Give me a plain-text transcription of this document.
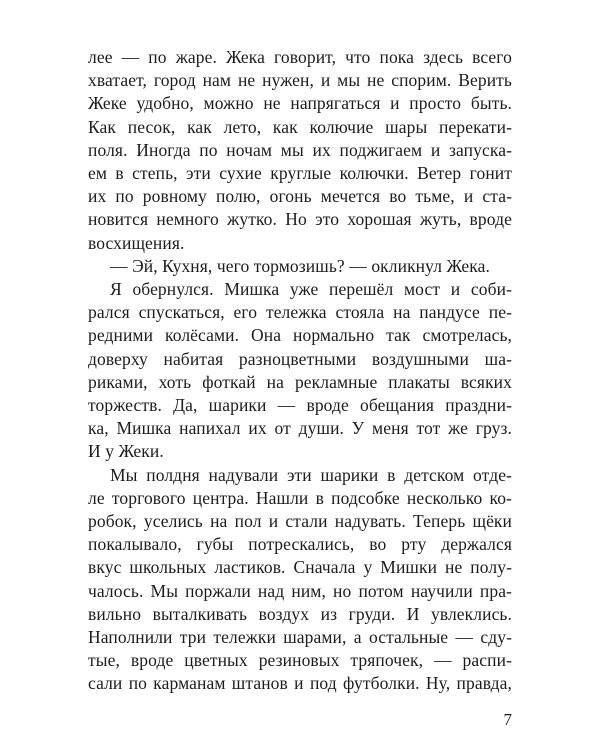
лее — по жаре. Жека говорит, что пока здесь всего
хватает, город нам не нужен, и мы не спорим. Верить
Жеке удобно, можно не напрягаться и просто быть.
Как песок, как лето, как колючие шары перекати-
поля. Иногда по ночам мы их поджигаем и запуска-
ем в степь, эти сухие круглые колючки. Ветер гонит
их по ровному полю, огонь мечется во тьме, и ста-
новится немного жутко. Но это хорошая жуть, вроде
восхищения.
— Эй, Кухня, чего тормозишь? — окликнул Жека.
Я обернулся. Мишка уже перешёл мост и соби-
рался спускаться, его тележка стояла на пандусе пе-
редними колёсами. Она нормально так смотрелась,
доверху набитая разноцветными воздушными ша-
риками, хоть фоткай на рекламные плакаты всяких
торжеств. Да, шарики — вроде обещания праздни-
ка, Мишка напихал их от души. У меня тот же груз.
И у Жеки.
Мы полдня надували эти шарики в детском отде-
ле торгового центра. Нашли в подсобке несколько ко-
робок, уселись на пол и стали надувать. Теперь щёки
покалывало, губы потрескались, во рту держался
вкус школьных ластиков. Сначала у Мишки не полу-
чалось. Мы поржали над ним, но потом научили пра-
вильно выталкивать воздух из груди. И увлеклись.
Наполнили три тележки шарами, а остальные — сду-
тые, вроде цветных резиновых тряпочек, — распи-
сали по карманам штанов и под футболки. Ну, правда,
7
